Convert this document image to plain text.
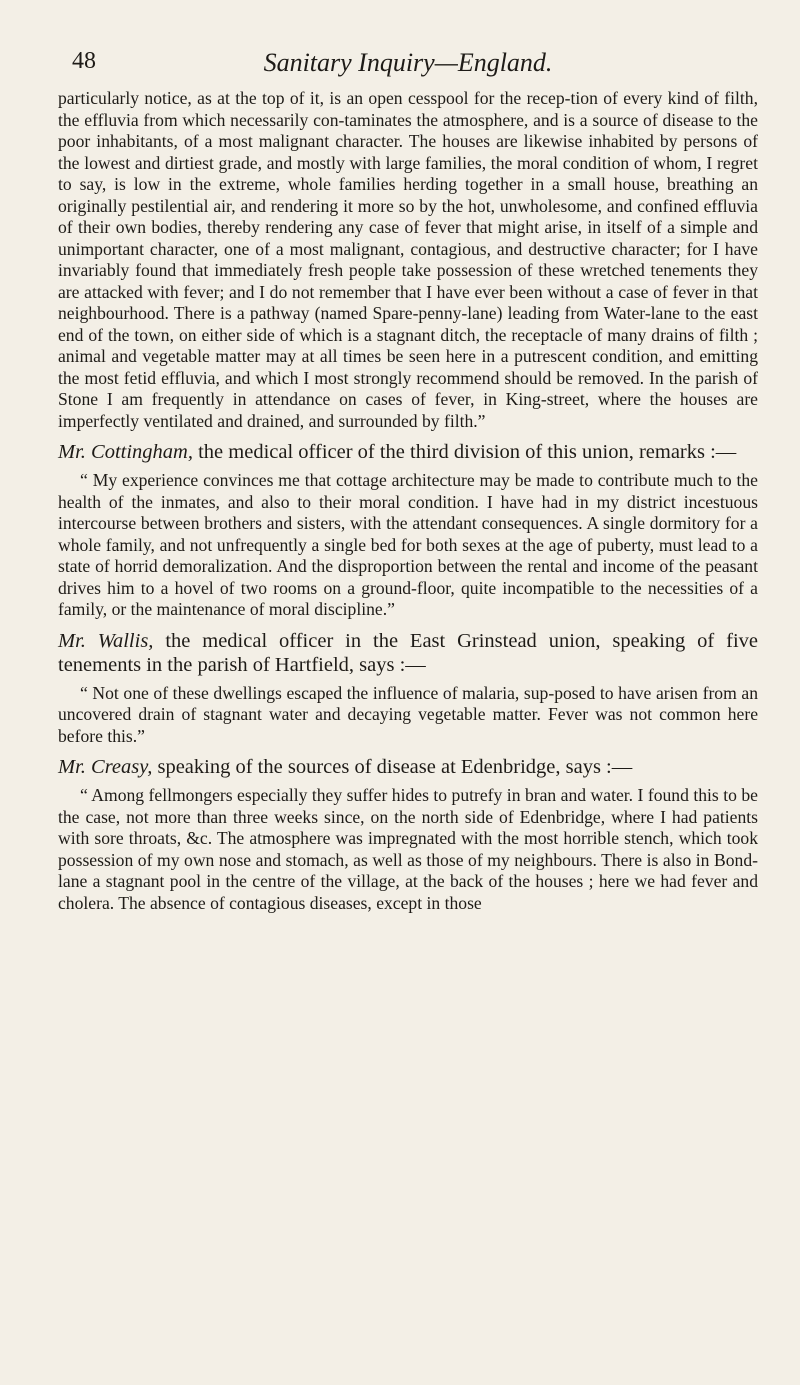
48	Sanitary Inquiry—England.

particularly notice, as at the top of it, is an open cesspool for the recep-tion of every kind of filth, the effluvia from which necessarily con-taminates the atmosphere, and is a source of disease to the poor inhabitants, of a most malignant character. The houses are likewise inhabited by persons of the lowest and dirtiest grade, and mostly with large families, the moral condition of whom, I regret to say, is low in the extreme, whole families herding together in a small house, breathing an originally pestilential air, and rendering it more so by the hot, unwholesome, and confined effluvia of their own bodies, thereby rendering any case of fever that might arise, in itself of a simple and unimportant character, one of a most malignant, contagious, and destructive character; for I have invariably found that immediately fresh people take possession of these wretched tenements they are attacked with fever; and I do not remember that I have ever been without a case of fever in that neighbourhood. There is a pathway (named Spare-penny-lane) leading from Water-lane to the east end of the town, on either side of which is a stagnant ditch, the receptacle of many drains of filth ; animal and vegetable matter may at all times be seen here in a putrescent condition, and emitting the most fetid effluvia, and which I most strongly recommend should be removed. In the parish of Stone I am frequently in attendance on cases of fever, in King-street, where the houses are imperfectly ventilated and drained, and surrounded by filth.”

Mr. Cottingham, the medical officer of the third division of this union, remarks :—

“ My experience convinces me that cottage architecture may be made to contribute much to the health of the inmates, and also to their moral condition. I have had in my district incestuous intercourse between brothers and sisters, with the attendant consequences. A single dormitory for a whole family, and not unfrequently a single bed for both sexes at the age of puberty, must lead to a state of horrid demoralization. And the disproportion between the rental and income of the peasant drives him to a hovel of two rooms on a ground-floor, quite incompatible to the necessities of a family, or the maintenance of moral discipline.”

Mr. Wallis, the medical officer in the East Grinstead union, speaking of five tenements in the parish of Hartfield, says :—

“ Not one of these dwellings escaped the influence of malaria, sup-posed to have arisen from an uncovered drain of stagnant water and decaying vegetable matter. Fever was not common here before this.”

Mr. Creasy, speaking of the sources of disease at Edenbridge, says :—

“ Among fellmongers especially they suffer hides to putrefy in bran and water. I found this to be the case, not more than three weeks since, on the north side of Edenbridge, where I had patients with sore throats, &c. The atmosphere was impregnated with the most horrible stench, which took possession of my own nose and stomach, as well as those of my neighbours. There is also in Bond-lane a stagnant pool in the centre of the village, at the back of the houses ; here we had fever and cholera. The absence of contagious diseases, except in those
